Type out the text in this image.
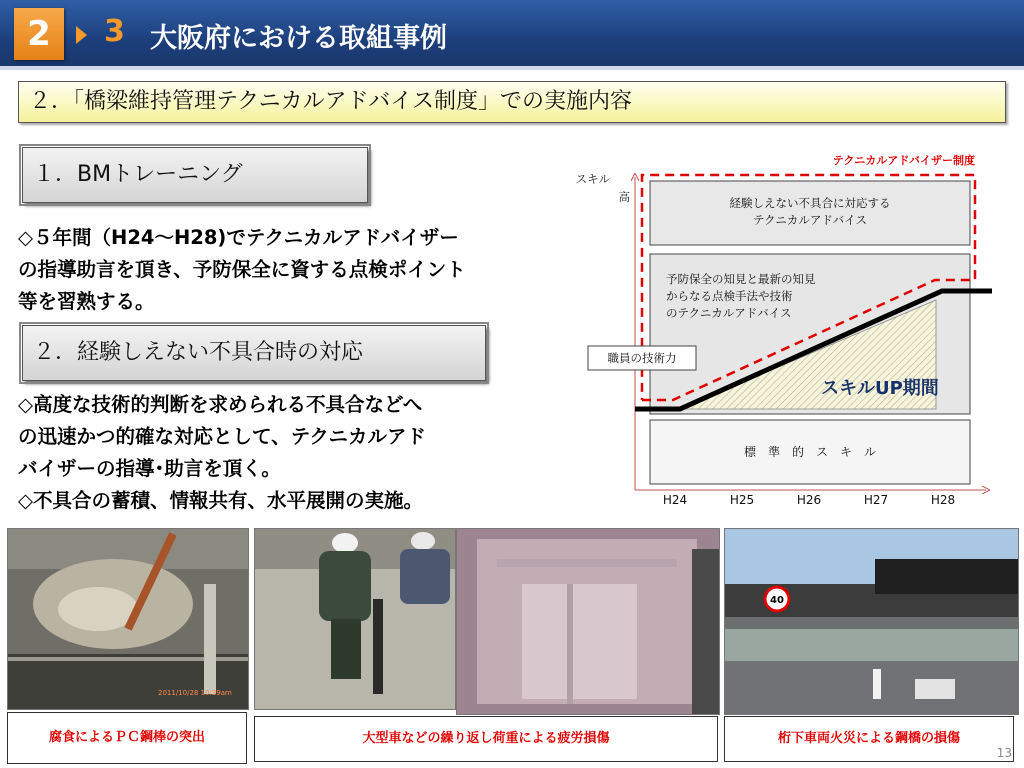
2	3 大阪府における取組事例
２．「橋梁維持管理テクニカルアドバイス制度」での実施内容
１．BMトレーニング
◇５年間（H24～H28)でテクニカルアドバイザー
の指導助言を頂き、予防保全に資する点検ポイント
等を習熟する。
２．経験しえない不具合時の対応
◇高度な技術的判断を求められる不具合などへ
の迅速かつ的確な対応として、テクニカルアド
バイザーの指導･助言を頂く。
◇不具合の蓄積、情報共有、水平展開の実施。
テクニカルアドバイザー制度
スキル
高	経験しえない不具合に対応する
テクニカルアドバイス
予防保全の知見と最新の知見
からなる点検手法や技術
のテクニカルアドバイス
スキルUP期間
職員の技術力
標　準　的　ス　キ　ル
H24	H25	H26	H27	H28
2011/10/28 10:39am
40
腐食によるＰＣ鋼棒の突出	大型車などの繰り返し荷重による疲労損傷	桁下車両火災による鋼橋の損傷
13
